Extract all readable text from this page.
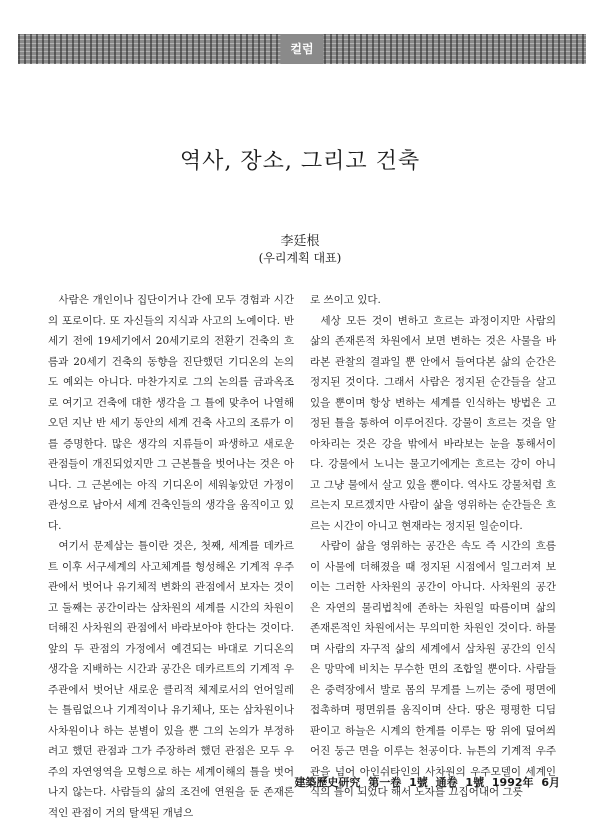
컬럼
역사, 장소, 그리고 건축
李廷根
(우리계획 대표)

사람은 개인이나 집단이거나 간에 모두 경험과 시간의 포로이다. 또 자신들의 지식과 사고의 노예이다. 반 세기 전에 19세기에서 20세기로의 전환기 건축의 흐름과 20세기 건축의 동향을 진단했던 기디온의 논의도 예외는 아니다. 마찬가지로 그의 논의를 금과옥조로 여기고 건축에 대한 생각을 그 틀에 맞추어 나열해오던 지난 반 세기 동안의 세계 건축 사고의 조류가 이를 증명한다. 많은 생각의 지류들이 파생하고 새로운 관점들이 개진되었지만 그 근본틀을 벗어나는 것은 아니다. 그 근본에는 아직 기디온이 세워놓았던 가정이 관성으로 남아서 세계 건축인들의 생각을 움직이고 있다.

여기서 문제삼는 틀이란 것은, 첫째, 세계를 데카르트 이후 서구세계의 사고체계를 형성해온 기계적 우주관에서 벗어나 유기체적 변화의 관점에서 보자는 것이고 둘째는 공간이라는 삼차원의 세계를 시간의 차원이 더해진 사차원의 관점에서 바라보아야 한다는 것이다. 앞의 두 관점의 가정에서 예견되는 바대로 기디온의 생각을 지배하는 시간과 공간은 데카르트의 기계적 우주관에서 벗어난 새로운 클리적 체제로서의 언어일레는 틀림없으나 기계적이나 유기체나, 또는 삼차원이나 사차원이나 하는 분별이 있을 뿐 그의 논의가 부정하려고 했던 관점과 그가 주장하려 했던 관점은 모두 우주의 자연영역을 모형으로 하는 세계이해의 틀을 벗어나지 않는다. 사람들의 삶의 조건에 연원을 둔 존재론적인 관점이 거의 탈색된 개념으

로 쓰이고 있다.

세상 모든 것이 변하고 흐르는 과정이지만 사람의 삶의 존재론적 차원에서 보면 변하는 것은 사물을 바라본 관찰의 결과일 뿐 안에서 들여다본 삶의 순간은 정지된 것이다. 그래서 사람은 정지된 순간들을 살고 있을 뿐이며 항상 변하는 세계를 인식하는 방법은 고정된 틀을 통하여 이루어진다. 강물이 흐르는 것을 알아차리는 것은 강을 밖에서 바라보는 눈을 통해서이다. 강물에서 노니는 물고기에게는 흐르는 강이 아니고 그냥 물에서 살고 있을 뿐이다. 역사도 강물처럼 흐르는지 모르겠지만 사람이 삶을 영위하는 순간들은 흐르는 시간이 아니고 현재라는 정지된 일순이다.

사람이 삶을 영위하는 공간은 속도 즉 시간의 흐름이 사물에 더해졌을 때 정지된 시점에서 일그러져 보이는 그러한 사차원의 공간이 아니다. 사차원의 공간은 자연의 물리법칙에 존하는 차원일 따름이며 삶의 존재론적인 차원에서는 무의미한 차원인 것이다. 하물며 사람의 자구적 삶의 세계에서 삼차원 공간의 인식은 망막에 비치는 무수한 면의 조합일 뿐이다. 사람들은 중력장에서 발로 몸의 무게를 느끼는 중에 평면에 접촉하며 평면위를 움직이며 산다. 땅은 평평한 디딤판이고 하늘은 시계의 한계를 이루는 땅 위에 덮여씌어진 둥근 면을 이루는 천공이다. 뉴튼의 기계적 우주관을 넘어 아인쉬타인의 사차원의 우주모델이 세계인식의 틀이 되었다 해서 노자를 끄집어내어 그릇

建築歷史研究 第一卷 1號 通卷 1號 1992年 6月
